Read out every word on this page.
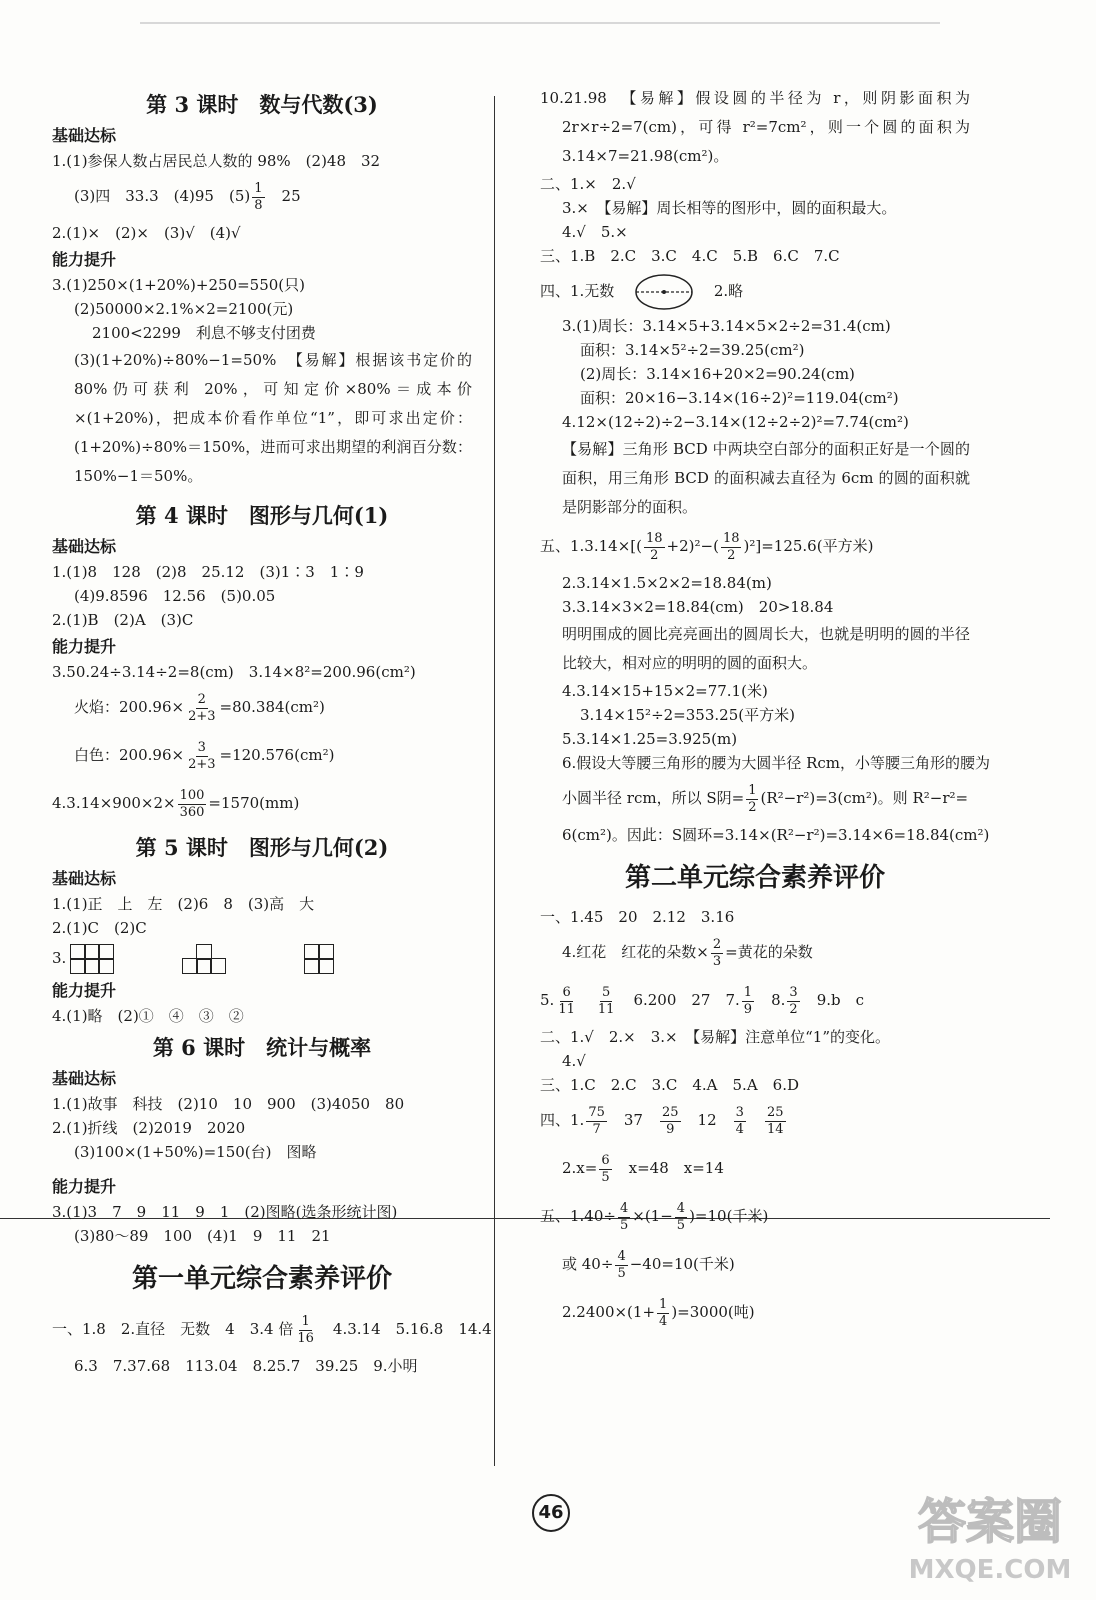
第 3 课时　数与代数(3)
基础达标
1.(1)参保人数占居民总人数的 98%　(2)48　32
(3)四　33.3　(4)95　$(5) \frac{1}{8}$
　 25
2.(1)×　(2)×　(3)√　(4)√
能力提升
3.(1)250×(1+20%)+250=550(只)
(2)50000×2.1%×2=2100(元)
2100<2299　利息不够支付团费
(3)(1+20%)÷80%−1=50%　【易解】根据该书定价的80%仍可获利 20%，可知定价×80%＝成本价×(1+20%)，把成本价看作单位“1”，即可求出定价：(1+20%)÷80%＝150%，进而可求出期望的利润百分数：150%−1＝50%。
第 4 课时　图形与几何(1)
基础达标
1.(1)8　128　(2)8　25.12　(3)1∶3　1∶9
(4)9.8596　12.56　(5)0.05
2.(1)B　(2)A　(3)C
能力提升
3.50.24÷3.14÷2=8(cm)　3.14×8²=200.96(cm²)
火焰：$200.96\times \frac{2}{2+3} =80.384(cm^2)$
白色：$200.96\times \frac{3}{2+3} =120.576(cm^2)$
$4.3.14\times 900\times 2\times \frac{100}{360} =1570(mm)$
第 5 课时　图形与几何(2)
基础达标
1.(1)正　上　左　(2)6　8　(3)高　大
2.(1)C　(2)C
3.
能力提升
4.(1)略　(2)①　④　③　②
第 6 课时　统计与概率
基础达标
1.(1)故事　科技　(2)10　10　900　(3)4050　80
2.(1)折线　(2)2019　2020
(3)100×(1+50%)=150(台)　图略
能力提升
3.(1)3　7　9　11　9　1　(2)图略(选条形统计图)
(3)80～89　100　(4)1　9　11　21
第一单元综合素养评价
一、1.8　2.直径　无数　4　3.4 倍 $\frac{1}{16}$
　 4.3.14　5.16.8　14.4
6.3　7.37.68　113.04　8.25.7　39.25　9.小明
10.21.98　【易解】假设圆的半径为 r，则阴影面积为 2r×r÷2=7(cm)，可得 r²=7cm²，则一个圆的面积为 3.14×7=21.98(cm²)。
二、1.×　2.√
3.×　【易解】周长相等的图形中，圆的面积最大。
4.√　5.×
三、1.B　2.C　3.C　4.C　5.B　6.C　7.C
四、1.无数	2.略
3.(1)周长：3.14×5+3.14×5×2÷2=31.4(cm)
面积：3.14×5²÷2=39.25(cm²)
(2)周长：3.14×16+20×2=90.24(cm)
面积：20×16−3.14×(16÷2)²=119.04(cm²)
4.12×(12÷2)÷2−3.14×(12÷2÷2)²=7.74(cm²)
【易解】三角形 BCD 中两块空白部分的面积正好是一个圆的面积，用三角形 BCD 的面积减去直径为 6cm 的圆的面积就是阴影部分的面积。
五、$1.3.14\times[( \frac{18}{2} +2)^2-( \frac{18}{2} )^2]=125.6$(平方米)
2.3.14×1.5×2×2=18.84(m)
3.3.14×3×2=18.84(cm)　20>18.84
明明围成的圆比亮亮画出的圆周长大，也就是明明的圆的半径比较大，相对应的明明的圆的面积大。
4.3.14×15+15×2=77.1(米)
3.14×15²÷2=353.25(平方米)
5.3.14×1.25=3.925(m)
6.假设大等腰三角形的腰为大圆半径 Rcm，小等腰三角形的腰为
小圆半径 rcm，所以 S阴= $\frac{1}{2} (R^2-r^2)=3(cm^2)$。则 R²−r²=
6(cm²)。因此：S圆环=3.14×(R²−r²)=3.14×6=18.84(cm²)
第二单元综合素养评价
一、1.45　20　2.12　3.16
4.红花　红花的朵数× $\frac{2}{3}$ =黄花的朵数
5. $\frac{6}{11}$
　 $\frac{5}{11}$
　 6.200　27　7. $\frac{1}{9}$
　 8. $\frac{3}{2}$
　 9.b　c
二、1.√　2.×　3.×　【易解】注意单位“1”的变化。
4.√
三、1.C　2.C　3.C　4.A　5.A　6.D
四、1. $\frac{75}{7}$
　 37　 $\frac{25}{9}$
　 12　 $\frac{3}{4}$
　 $\frac{25}{14}$
$2.x= \frac{6}{5}$
　 x=48　x=14
五、$1.40\div \frac{4}{5} \times(1- \frac{4}{5} )=10$(千米)
或 $40\div \frac{4}{5} -40=10$(千米)
$2.2400\times(1+ \frac{1}{4} )=3000$(吨)
46	答案圈
MXQE.COM
